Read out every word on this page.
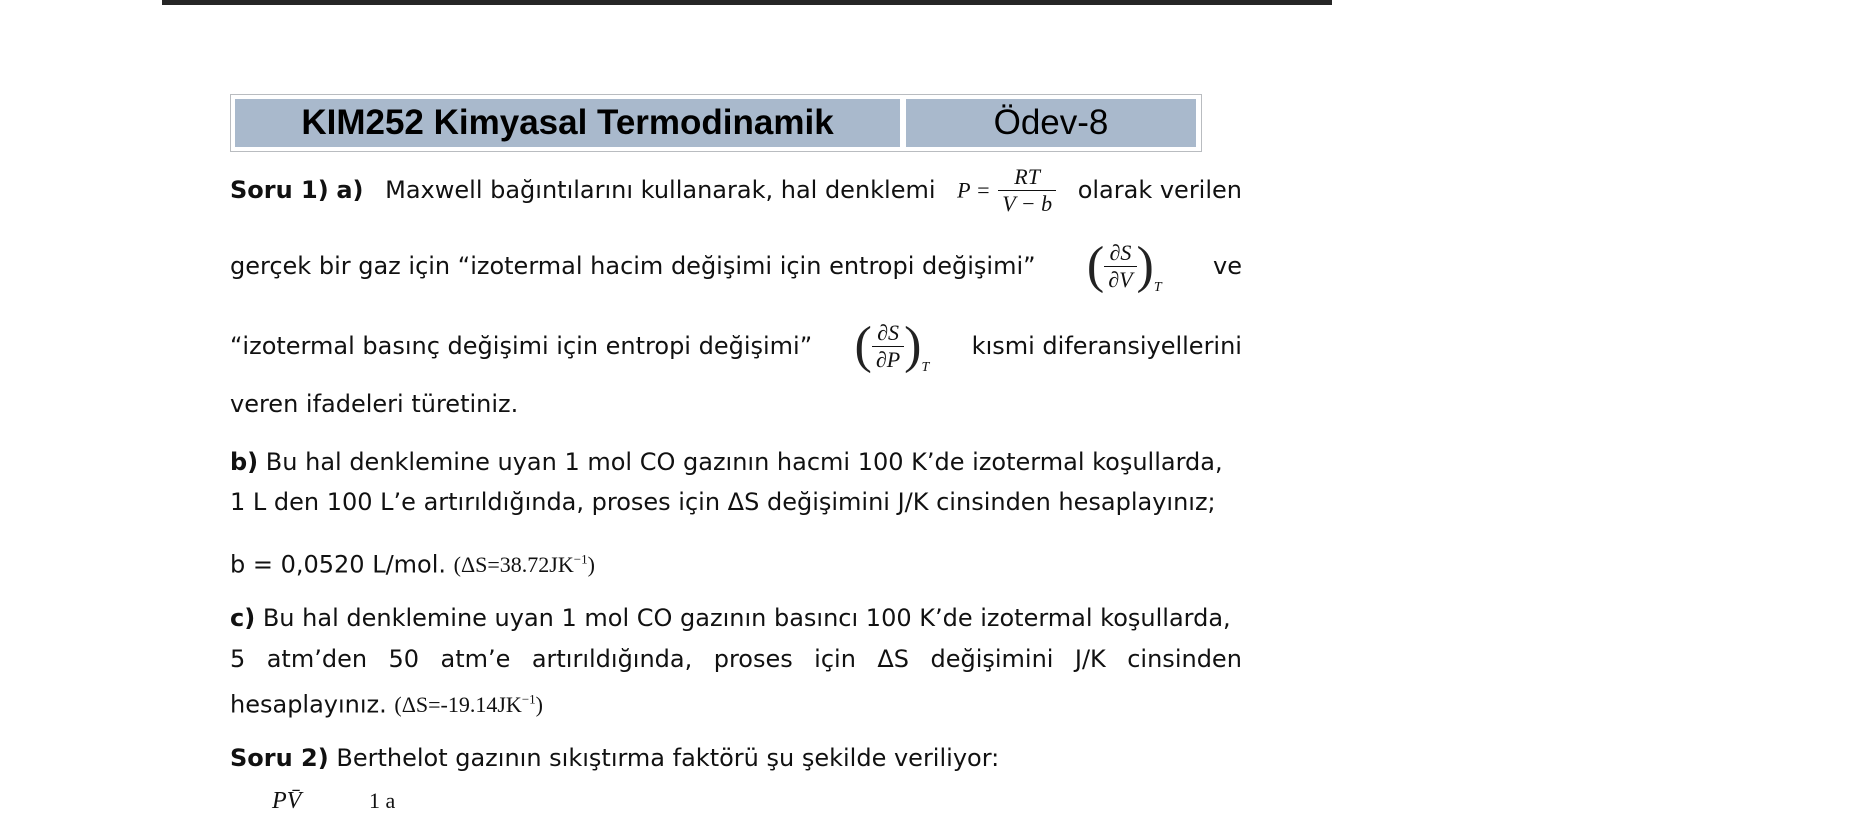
KIM252 Kimyasal Termodinamik	Ödev-8
Soru 1) a) Maxwell bağıntılarını kullanarak, hal denklemi $P = \frac{RT}{V - b}$ olarak verilen
gerçek bir gaz için “izotermal hacim değişimi için entropi değişimi” ( $\frac{\partial S}{\partial V}$ ) T
ve
“izotermal basınç değişimi için entropi değişimi” ( $\frac{\partial S}{\partial P}$ ) T
kısmi diferansiyellerini
veren ifadeleri türetiniz.
b) Bu hal denklemine uyan 1 mol CO gazının hacmi 100 K’de izotermal koşullarda,
1 L den 100 L’e artırıldığında, proses için ΔS değişimini J/K cinsinden hesaplayınız;
b = 0,0520 L/mol. $(\Delta S=38.72JK^{-1})$
c) Bu hal denklemine uyan 1 mol CO gazının basıncı 100 K’de izotermal koşullarda,
5 atm’den 50 atm’e artırıldığında, proses için ΔS değişimini J/K cinsinden
hesaplayınız. $(\Delta S=-19.14JK^{-1})$
Soru 2) Berthelot gazının sıkıştırma faktörü şu şekilde veriliyor:
PV̄	1 a
